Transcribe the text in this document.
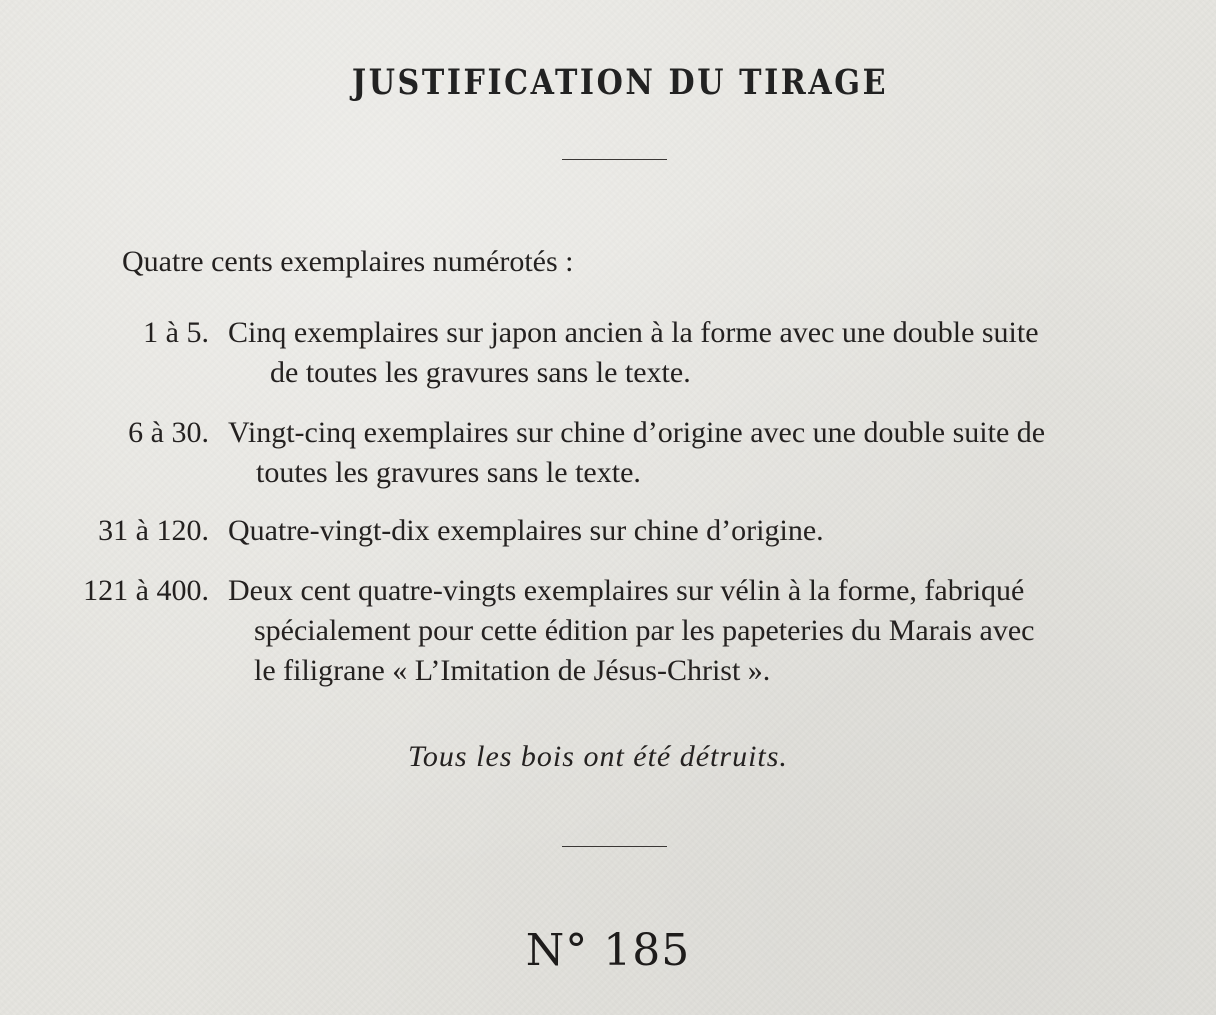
JUSTIFICATION DU TIRAGE
Quatre cents exemplaires numérotés :
1 à 5. Cinq exemplaires sur japon ancien à la forme avec une double suite
de toutes les gravures sans le texte.
6 à 30. Vingt-cinq exemplaires sur chine d’origine avec une double suite de
toutes les gravures sans le texte.
31 à 120. Quatre-vingt-dix exemplaires sur chine d’origine.
121 à 400. Deux cent quatre-vingts exemplaires sur vélin à la forme, fabriqué
spécialement pour cette édition par les papeteries du Marais avec
le filigrane « L’Imitation de Jésus-Christ ».
Tous les bois ont été détruits.
N° 185
